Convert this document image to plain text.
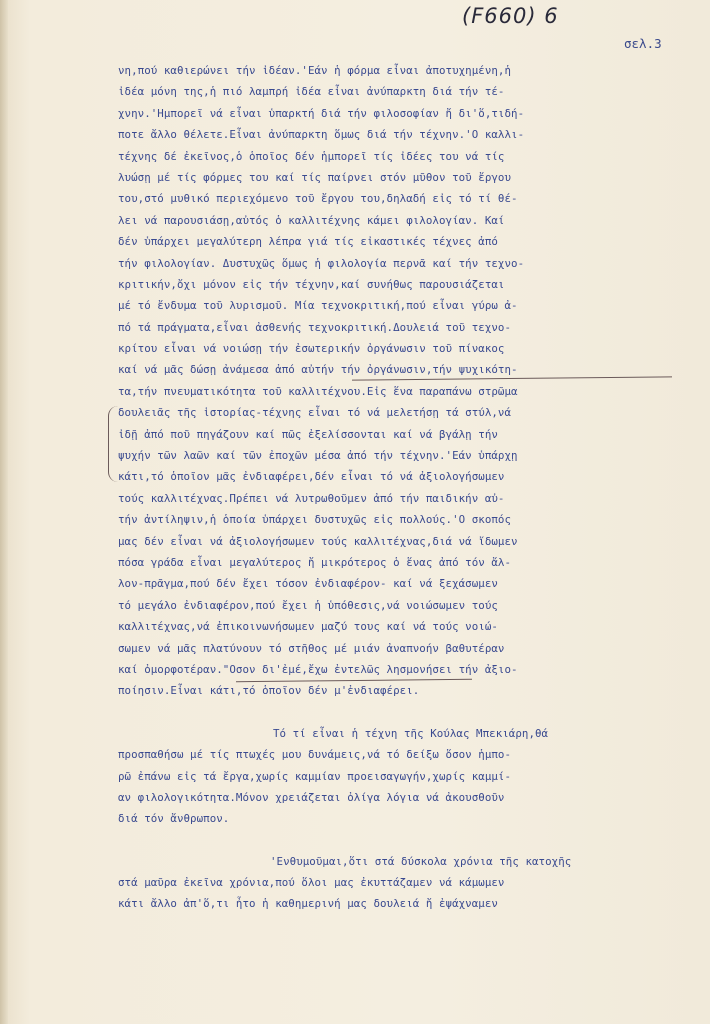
(F660) 6
σελ.3
νη,πού καθιερώνει τήν ἰδέαν.'Εάν ἡ φόρμα εἶναι ἀποτυχημένη,ἡ
ἰδέα μόνη της,ἡ πιό λαμπρή ἰδέα εἶναι ἀνύπαρκτη διά τήν τέ-
χνην.'Ημπορεῖ νά εἶναι ὑπαρκτή διά τήν φιλοσοφίαν ἤ δι'ὅ,τιδή-
ποτε ἄλλο θέλετε.Εἶναι ἀνύπαρκτη ὅμως διά τήν τέχνην.'Ο καλλι-
τέχνης δέ ἐκεῖνος,ὁ ὁποῖος δέν ἡμπορεῖ τίς ἰδέες του νά τίς
λυώσῃ μέ τίς φόρμες του καί τίς παίρνει στόν μῦθον τοῦ ἔργου
του,στό μυθικό περιεχόμενο τοῦ ἔργου του,δηλαδή εἰς τό τί θέ-
λει νά παρουσιάσῃ,αὐτός ὁ καλλιτέχνης κάμει φιλολογίαν. Καί
δέν ὑπάρχει μεγαλύτερη λέπρα γιά τίς εἰκαστικές τέχνες ἀπό
τήν φιλολογίαν. Δυστυχῶς ὅμως ἡ φιλολογία περνᾶ καί τήν τεχνο-
κριτικήν,ὄχι μόνον εἰς τήν τέχνην,καί συνήθως παρουσιάζεται
μέ τό ἔνδυμα τοῦ λυρισμοῦ. Μία τεχνοκριτική,πού εἶναι γύρω ἀ-
πό τά πράγματα,εἶναι ἀσθενής τεχνοκριτική.Δουλειά τοῦ τεχνο-
κρίτου εἶναι νά νοιώσῃ τήν ἐσωτερικήν ὀργάνωσιν τοῦ πίνακος
καί νά μᾶς δώσῃ ἀνάμεσα ἀπό αὐτήν τήν ὀργάνωσιν,τήν ψυχικότη-
τα,τήν πνευματικότητα τοῦ καλλιτέχνου.Εἰς ἕνα παραπάνω στρῶμα
δουλειᾶς τῆς ἱστορίας-τέχνης εἶναι τό νά μελετήσῃ τά στύλ,νά
ἰδῇ ἀπό ποῦ πηγάζουν καί πῶς ἐξελίσσονται καί νά βγάλῃ τήν
ψυχήν τῶν λαῶν καί τῶν ἐποχῶν μέσα ἀπό τήν τέχνην.'Εάν ὑπάρχῃ
κάτι,τό ὁποῖον μᾶς ἐνδιαφέρει,δέν εἶναι τό νά ἀξιολογήσωμεν
τούς καλλιτέχνας.Πρέπει νά λυτρωθοῦμεν ἀπό τήν παιδικήν αὐ-
τήν ἀντίληψιν,ἡ ὁποία ὑπάρχει δυστυχῶς εἰς πολλούς.'Ο σκοπός
μας δέν εἶναι νά ἀξιολογήσωμεν τούς καλλιτέχνας,διά νά ἴδωμεν
πόσα γράδα εἶναι μεγαλύτερος ἤ μικρότερος ὁ ἕνας ἀπό τόν ἄλ-
λον-πρᾶγμα,πού δέν ἔχει τόσον ἐνδιαφέρον- καί νά ξεχάσωμεν
τό μεγάλο ἐνδιαφέρον,πού ἔχει ἡ ὑπόθεσις,νά νοιώσωμεν τούς
καλλιτέχνας,νά ἐπικοινωνήσωμεν μαζύ τους καί νά τούς νοιώ-
σωμεν νά μᾶς πλατύνουν τό στῆθος μέ μιάν ἀναπνοήν βαθυτέραν
καί ὀμορφοτέραν."Οσον δι'ἐμέ,ἔχω ἐντελῶς λησμονήσει τήν ἀξιο-
ποίησιν.Εἶναι κάτι,τό ὁποῖον δέν μ'ἐνδιαφέρει.
Τό τί εἶναι ἡ τέχνη τῆς Κούλας Μπεκιάρη,θά
προσπαθήσω μέ τίς πτωχές μου δυνάμεις,νά τό δείξω ὅσον ἡμπο-
ρῶ ἐπάνω εἰς τά ἔργα,χωρίς καμμίαν προεισαγωγήν,χωρίς καμμί-
αν φιλολογικότητα.Μόνον χρειάζεται ὀλίγα λόγια νά ἀκουσθοῦν
διά τόν ἄνθρωπον.
'Ενθυμοῦμαι,ὅτι στά δύσκολα χρόνια τῆς κατοχῆς
στά μαῦρα ἐκεῖνα χρόνια,πού ὅλοι μας ἐκυττάζαμεν νά κάμωμεν
κάτι ἄλλο ἀπ'ὅ,τι ἦτο ἡ καθημερινή μας δουλειά ἤ ἐψάχναμεν
